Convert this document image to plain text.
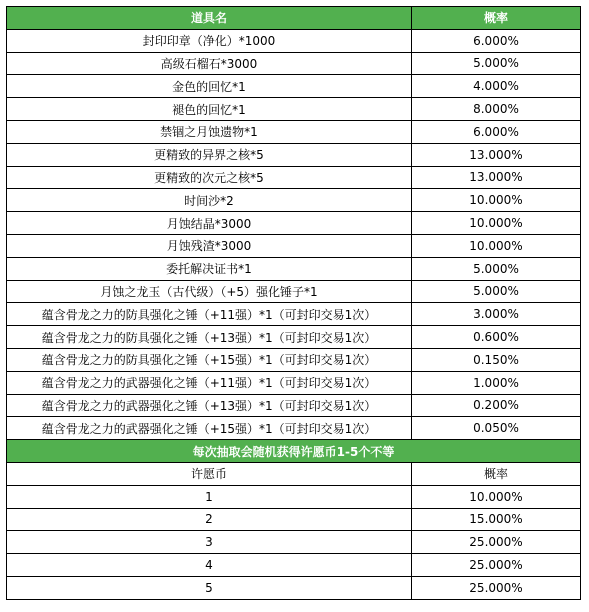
道具名	概率
封印印章（净化）*1000	6.000%
高级石榴石*3000	5.000%
金色的回忆*1	4.000%
褪色的回忆*1	8.000%
禁锢之月蚀遗物*1	6.000%
更精致的异界之核*5	13.000%
更精致的次元之核*5	13.000%
时间沙*2	10.000%
月蚀结晶*3000	10.000%
月蚀残渣*3000	10.000%
委托解决证书*1	5.000%
月蚀之龙玉（古代级）（+5）强化锤子*1	5.000%
蕴含骨龙之力的防具强化之锤（+11强）*1（可封印交易1次）	3.000%
蕴含骨龙之力的防具强化之锤（+13强）*1（可封印交易1次）	0.600%
蕴含骨龙之力的防具强化之锤（+15强）*1（可封印交易1次）	0.150%
蕴含骨龙之力的武器强化之锤（+11强）*1（可封印交易1次）	1.000%
蕴含骨龙之力的武器强化之锤（+13强）*1（可封印交易1次）	0.200%
蕴含骨龙之力的武器强化之锤（+15强）*1（可封印交易1次）	0.050%
每次抽取会随机获得许愿币1-5个不等	
许愿币	概率
1	10.000%
2	15.000%
3	25.000%
4	25.000%
5	25.000%
